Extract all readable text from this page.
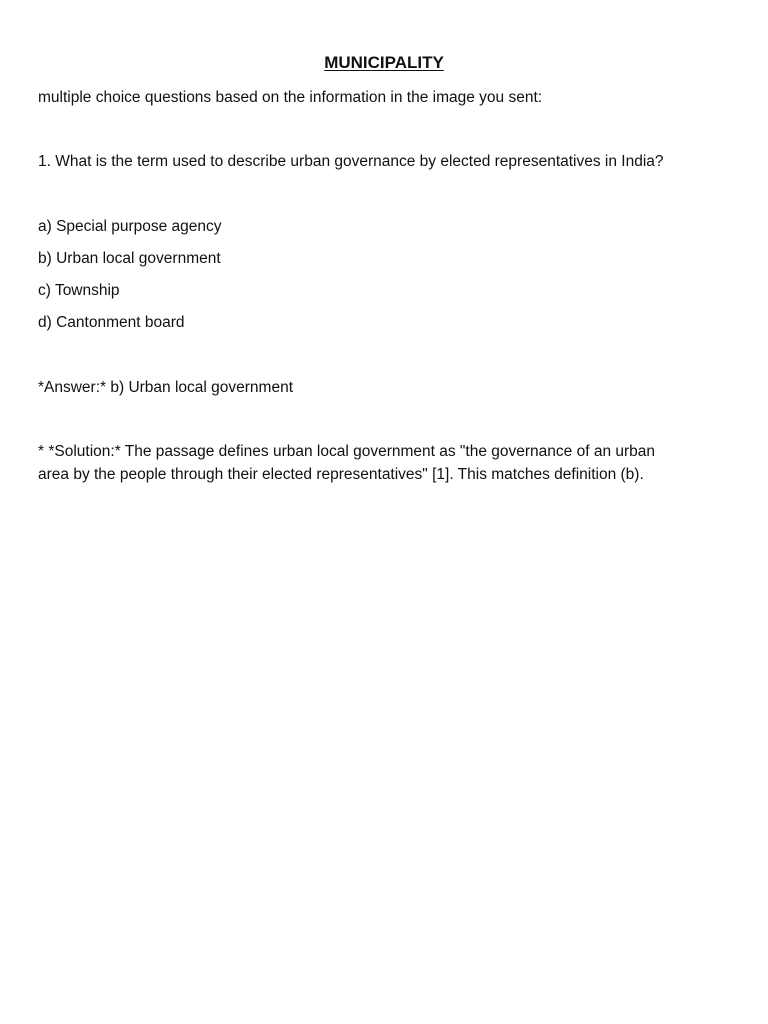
MUNICIPALITY
multiple choice questions based on the information in the image you sent:
1. What is the term used to describe urban governance by elected representatives in India?
a) Special purpose agency
b) Urban local government
c) Township
d) Cantonment board
*Answer:* b) Urban local government
* *Solution:* The passage defines urban local government as "the governance of an urban
area by the people through their elected representatives" [1]. This matches definition (b).
